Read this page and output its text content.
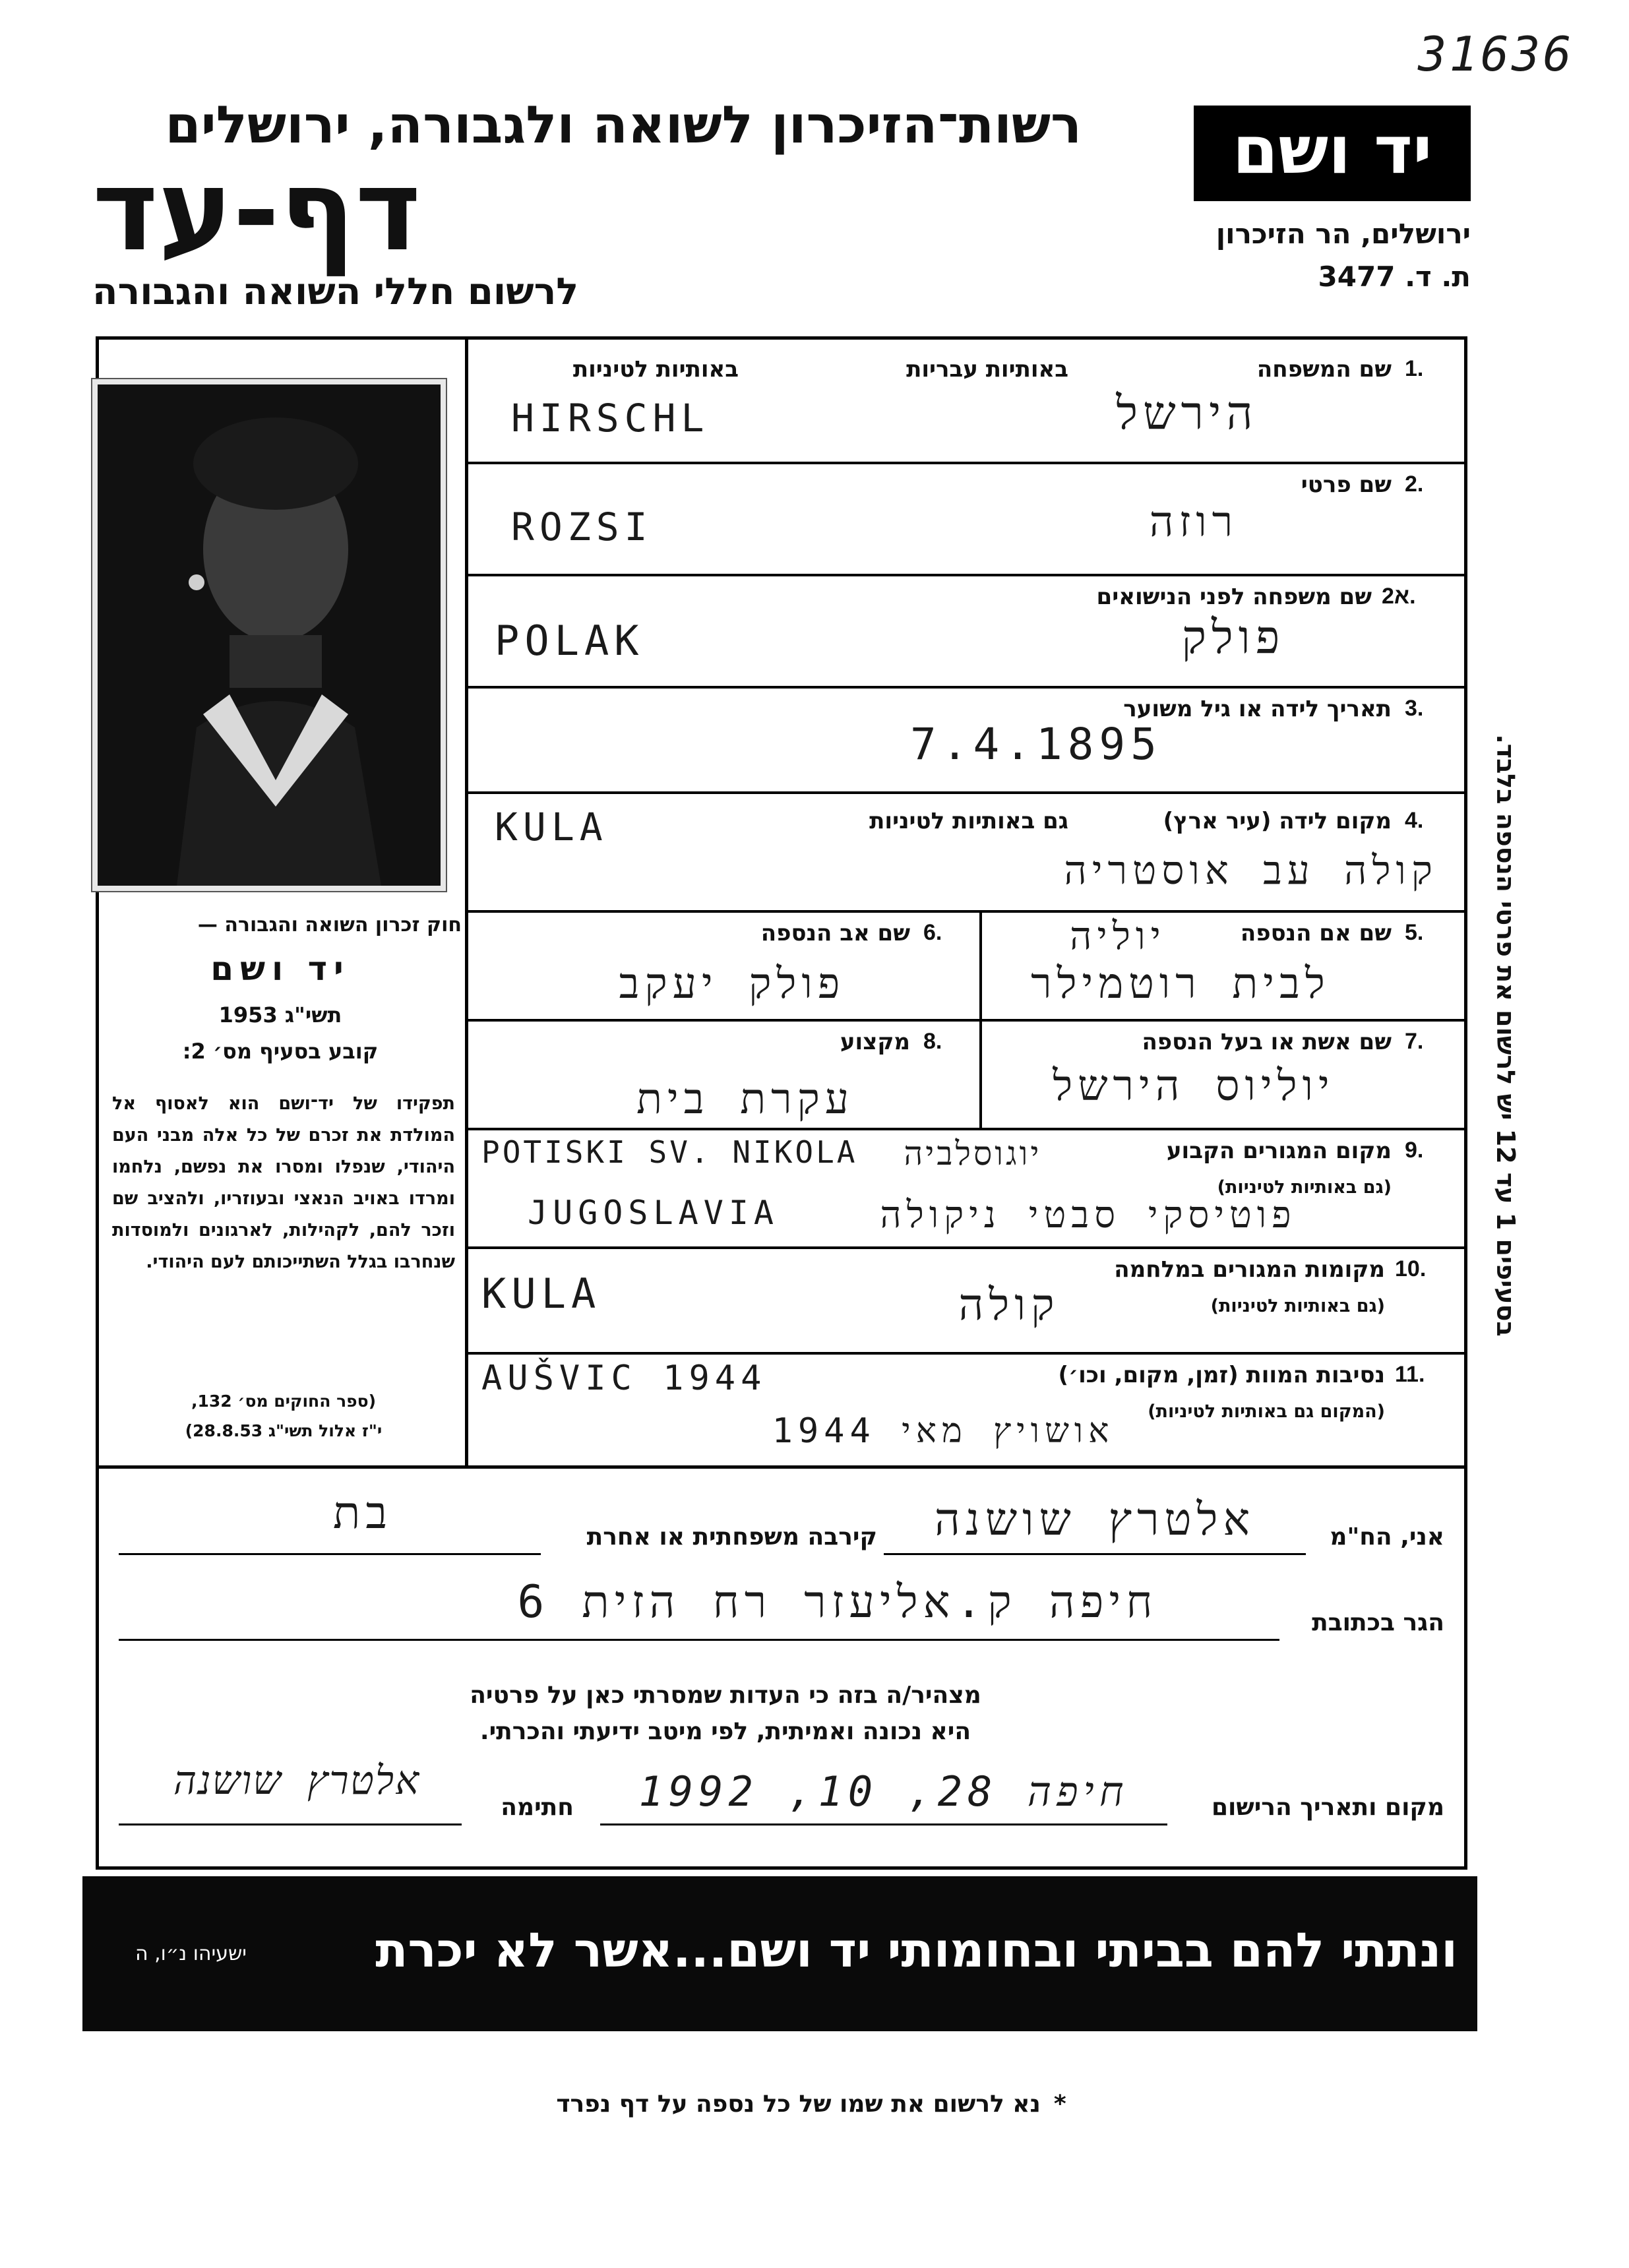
31636
רשות־הזיכרון לשואה ולגבורה, ירושלים
דף-עד
לרשום חללי השואה והגבורה
יד ושם
ירושלים, הר הזיכרון
ת. ד. 3477
חוק זכרון השואה והגבורה —
יד ושם
תשי"ג 1953
קובע בסעיף מס׳ 2:
תפקידו של יד־ושם הוא לאסוף אל המולדת את זכרם של כל אלה מבני העם היהודי, שנפלו ומסרו את נפשם, נלחמו ומרדו באויב הנאצי ובעוזריו, ולהציב שם וזכר להם, לקהילות, לארגונים ולמוסדות שנחרבו בגלל השתייכותם לעם היהודי.
(ספר החוקים מס׳ 132,
י"ז אלול תשי"ג 28.8.53)
1.
שם המשפחה
באותיות עבריות
באותיות לטיניות
HIRSCHL	הירשל
2.
שם פרטי
ROZSI	רוזה
2א.
שם משפחה לפני הנישואים
POLAK	פולק
3.
תאריך לידה או גיל משוער
7.4.1895
4.
מקום לידה (עיר ארץ)
גם באותיות לטיניות
KULA
קולה עב אוסטריה
5.
שם אם הנספה
יוליה
לבית רוטמילר
6.
שם אב הנספה
פולק יעקב
7.
שם אשת או בעל הנספה
יוליוס הירשל
8.
מקצוע
עקרת בית
9.
מקום המגורים הקבוע
(גם באותיות לטיניות)
POTISKI SV. NIKOLA	יוגוסלביה
JUGOSLAVIA	פוטיסקי סבטי ניקולה
10.
מקומות המגורים במלחמה
(גם באותיות לטיניות)
KULA	קולה
11.
נסיבות המוות (זמן, מקום, וכו׳)
(המקום גם באותיות לטיניות)
AUŠVIC 1944
אושויץ מאי 1944
בסעיפים 1 עד 12 יש לרשום את פרטי הנספה בלבד.
אני, הח"מ
אלטרץ שושנה
קירבה משפחתית או אחרת
בת
הגר בכתובת
חיפה ק.אליעזר רח הזית 6
מצהיר/ה בזה כי העדות שמסרתי כאן על פרטיה
היא נכונה ואמיתית, לפי מיטב ידיעתי והכרתי.
מקום ותאריך הרישום
חיפה 28, 10, 1992
חתימה
אלטרץ שושנה
ונתתי להם בביתי ובחומותי יד ושם...אשר לא יכרת
ישעיהו נ״ו, ה
*נא לרשום את שמו של כל נספה על דף נפרד
